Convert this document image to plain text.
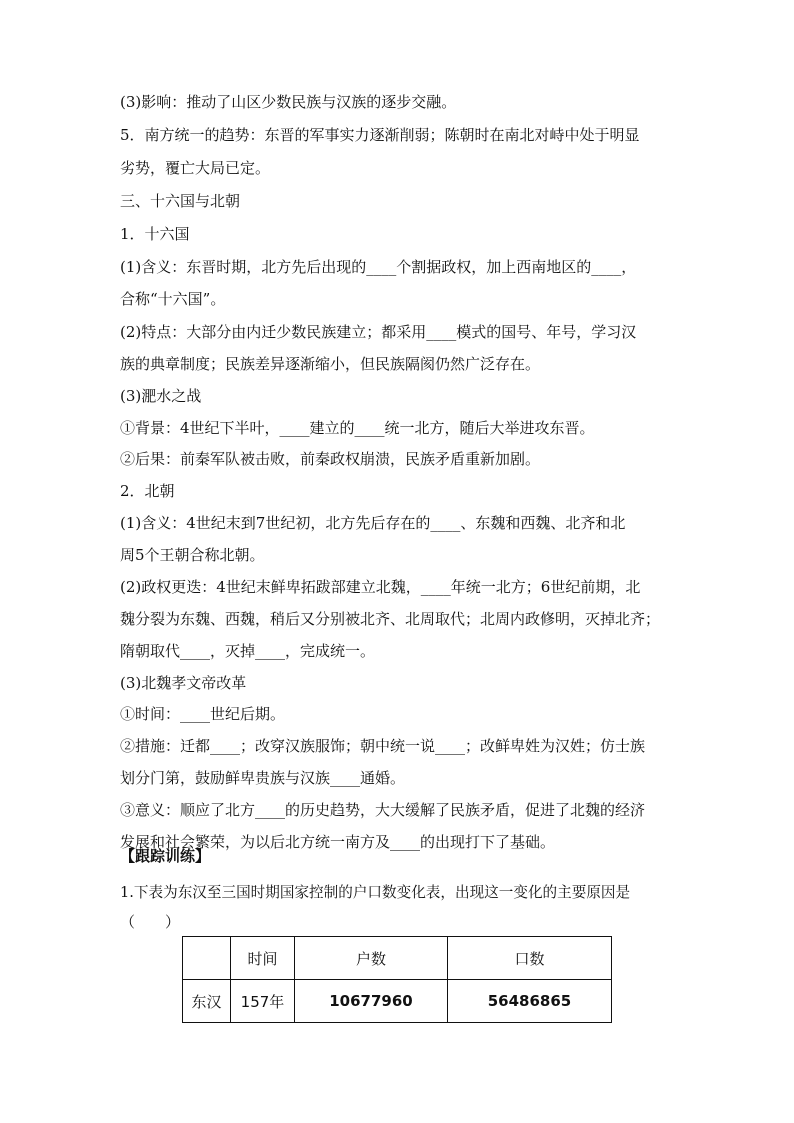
(3)影响：推动了山区少数民族与汉族的逐步交融。
5．南方统一的趋势：东晋的军事实力逐渐削弱；陈朝时在南北对峙中处于明显
劣势，覆亡大局已定。
三、十六国与北朝
1．十六国
(1)含义：东晋时期，北方先后出现的____个割据政权，加上西南地区的____，
合称“十六国”。
(2)特点：大部分由内迁少数民族建立；都采用____模式的国号、年号，学习汉
族的典章制度；民族差异逐渐缩小，但民族隔阂仍然广泛存在。
(3)淝水之战
①背景：4世纪下半叶，____建立的____统一北方，随后大举进攻东晋。
②后果：前秦军队被击败，前秦政权崩溃，民族矛盾重新加剧。
2．北朝
(1)含义：4世纪末到7世纪初，北方先后存在的____、东魏和西魏、北齐和北
周5个王朝合称北朝。
(2)政权更迭：4世纪末鲜卑拓跋部建立北魏，____年统一北方；6世纪前期，北
魏分裂为东魏、西魏，稍后又分别被北齐、北周取代；北周内政修明，灭掉北齐；
隋朝取代____，灭掉____，完成统一。
(3)北魏孝文帝改革
①时间：____世纪后期。
②措施：迁都____；改穿汉族服饰；朝中统一说____；改鲜卑姓为汉姓；仿士族
划分门第，鼓励鲜卑贵族与汉族____通婚。
③意义：顺应了北方____的历史趋势，大大缓解了民族矛盾，促进了北魏的经济
发展和社会繁荣，为以后北方统一南方及____的出现打下了基础。
【跟踪训练】
1.下表为东汉至三国时期国家控制的户口数变化表，出现这一变化的主要原因是
（　　）
	时间	户数	口数
东汉	157年	10677960	56486865
